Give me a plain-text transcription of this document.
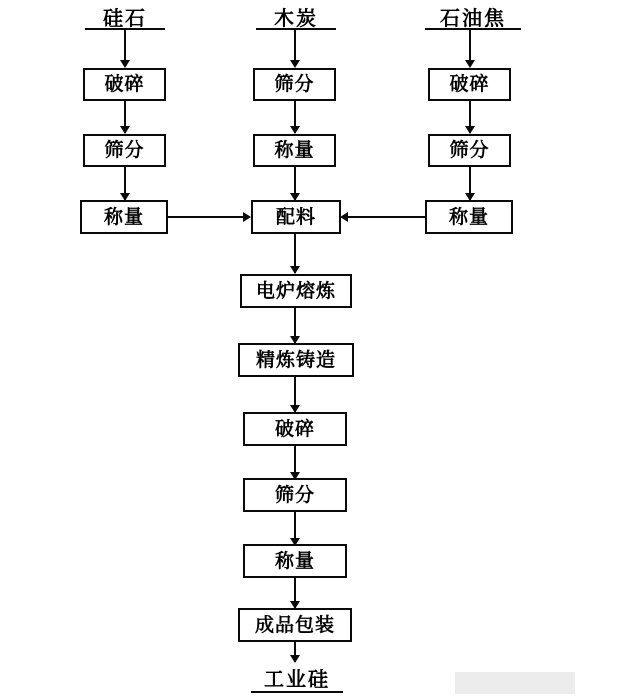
硅石	木炭	石油焦
破碎
筛分
称量
筛分
称量
破碎
筛分
称量
配料
电炉熔炼
精炼铸造
破碎
筛分
称量
成品包装
工业硅
